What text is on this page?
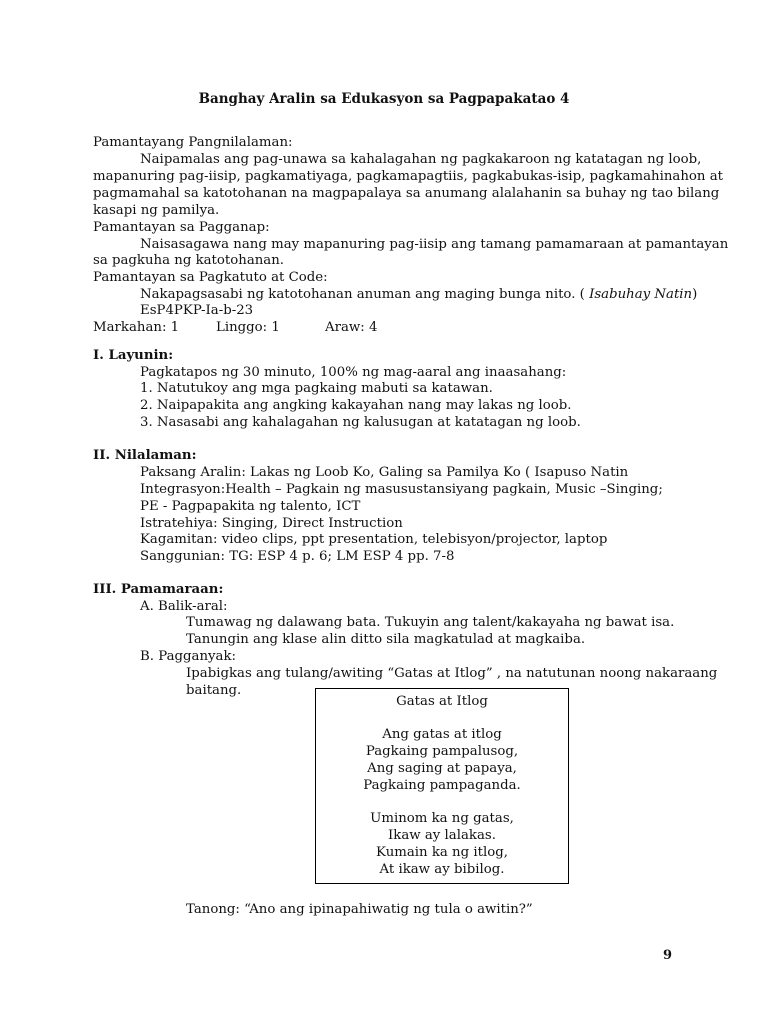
Banghay Aralin sa Edukasyon sa Pagpapakatao 4
Pamantayang Pangnilalaman:
Naipamalas ang pag-unawa sa kahalagahan ng pagkakaroon ng katatagan ng loob,
mapanuring pag-iisip, pagkamatiyaga, pagkamapagtiis, pagkabukas-isip, pagkamahinahon at
pagmamahal sa katotohanan na magpapalaya sa anumang alalahanin sa buhay ng tao bilang
kasapi ng pamilya.
Pamantayan sa Pagganap:
Naisasagawa nang may mapanuring pag-iisip ang tamang pamamaraan at pamantayan
sa pagkuha ng katotohanan.
Pamantayan sa Pagkatuto at Code:
Nakapagsasabi ng katotohanan anuman ang maging bunga nito. ( Isabuhay Natin)
EsP4PKP-Ia-b-23
Markahan: 1	Linggo: 1	Araw: 4
I. Layunin:
Pagkatapos ng 30 minuto, 100% ng mag-aaral ang inaasahang:
1. Natutukoy ang mga pagkaing mabuti sa katawan.
2. Naipapakita ang angking kakayahan nang may lakas ng loob.
3. Nasasabi ang kahalagahan ng kalusugan at katatagan ng loob.
II. Nilalaman:
Paksang Aralin: Lakas ng Loob Ko, Galing sa Pamilya Ko ( Isapuso Natin
Integrasyon:Health – Pagkain ng masusustansiyang pagkain, Music –Singing;
PE - Pagpapakita ng talento, ICT
Istratehiya: Singing, Direct Instruction
Kagamitan: video clips, ppt presentation, telebisyon/projector, laptop
Sanggunian: TG: ESP 4 p. 6; LM ESP 4 pp. 7-8
III. Pamamaraan:
A. Balik-aral:
Tumawag ng dalawang bata. Tukuyin ang talent/kakayaha ng bawat isa.
Tanungin ang klase alin ditto sila magkatulad at magkaiba.
B. Pagganyak:
Ipabigkas ang tulang/awiting “Gatas at Itlog” , na natutunan noong nakaraang
baitang.
Gatas at Itlog
Ang gatas at itlog
Pagkaing pampalusog,
Ang saging at papaya,
Pagkaing pampaganda.
Uminom ka ng gatas,
Ikaw ay lalakas.
Kumain ka ng itlog,
At ikaw ay bibilog.
Tanong: “Ano ang ipinapahiwatig ng tula o awitin?”
9
